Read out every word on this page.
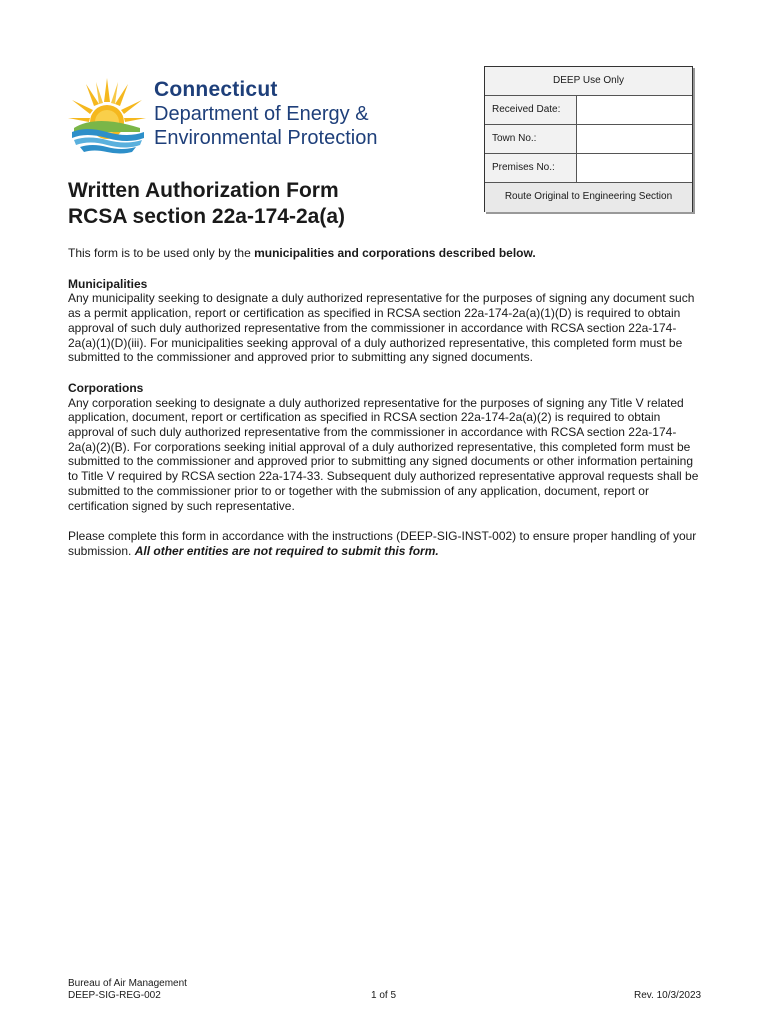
Connecticut
Department of Energy &
Environmental Protection
DEEP Use Only
Received Date:
Town No.:
Premises No.:
Route Original to Engineering Section
Written Authorization Form
RCSA section 22a-174-2a(a)

This form is to be used only by the municipalities and corporations described below.

Municipalities

Any municipality seeking to designate a duly authorized representative for the purposes of signing any document such as a permit application, report or certification as specified in RCSA section 22a-174-2a(a)(1)(D) is required to obtain approval of such duly authorized representative from the commissioner in accordance with RCSA section 22a-174-2a(a)(1)(D)(iii). For municipalities seeking approval of a duly authorized representative, this completed form must be submitted to the commissioner and approved prior to submitting any signed documents.

Corporations

Any corporation seeking to designate a duly authorized representative for the purposes of signing any Title V related application, document, report or certification as specified in RCSA section 22a-174-2a(a)(2) is required to obtain approval of such duly authorized representative from the commissioner in accordance with RCSA section 22a-174-2a(a)(2)(B). For corporations seeking initial approval of a duly authorized representative, this completed form must be submitted to the commissioner and approved prior to submitting any signed documents or other information pertaining to Title V required by RCSA section 22a-174-33. Subsequent duly authorized representative approval requests shall be submitted to the commissioner prior to or together with the submission of any application, document, report or certification signed by such representative.

Please complete this form in accordance with the instructions (DEEP-SIG-INST-002) to ensure proper handling of your submission. All other entities are not required to submit this form.

Bureau of Air Management
DEEP-SIG-REG-002	1 of 5	Rev. 10/3/2023
